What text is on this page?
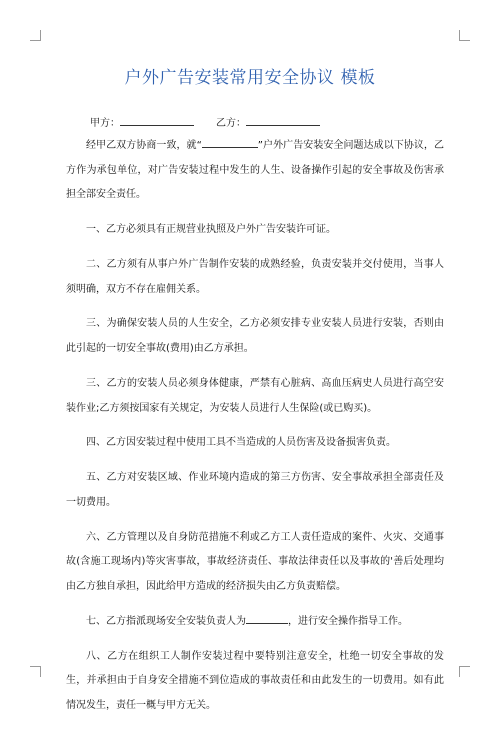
户外广告安装常用安全协议 模板
甲方：	乙方：

经甲乙双方协商一致，就“	”户外广告安装安全问题达成以下协议，乙方作为承包单位，对广告安装过程中发生的人生、设备操作引起的安全事故及伤害承担全部安全责任。

一、乙方必须具有正规营业执照及户外广告安装许可证。

二、乙方须有从事户外广告制作安装的成熟经验，负责安装并交付使用，当事人须明确，双方不存在雇佣关系。

三、为确保安装人员的人生安全，乙方必须安排专业安装人员进行安装，否则由此引起的一切安全事故(费用)由乙方承担。

三、乙方的安装人员必须身体健康，严禁有心脏病、高血压病史人员进行高空安装作业;乙方须按国家有关规定，为安装人员进行人生保险(或已购买)。

四、乙方因安装过程中使用工具不当造成的人员伤害及设备损害负责。

五、乙方对安装区域、作业环境内造成的第三方伤害、安全事故承担全部责任及一切费用。

六、乙方管理以及自身防范措施不利或乙方工人责任造成的案件、火灾、交通事故(含施工现场内)等灾害事故，事故经济责任、事故法律责任以及事故的'善后处理均由乙方独自承担，因此给甲方造成的经济损失由乙方负责赔偿。

七、乙方指派现场安全安装负责人为	，进行安全操作指导工作。

八、乙方在组织工人制作安装过程中要特别注意安全，杜绝一切安全事故的发生，并承担由于自身安全措施不到位造成的事故责任和由此发生的一切费用。如有此情况发生，责任一概与甲方无关。
